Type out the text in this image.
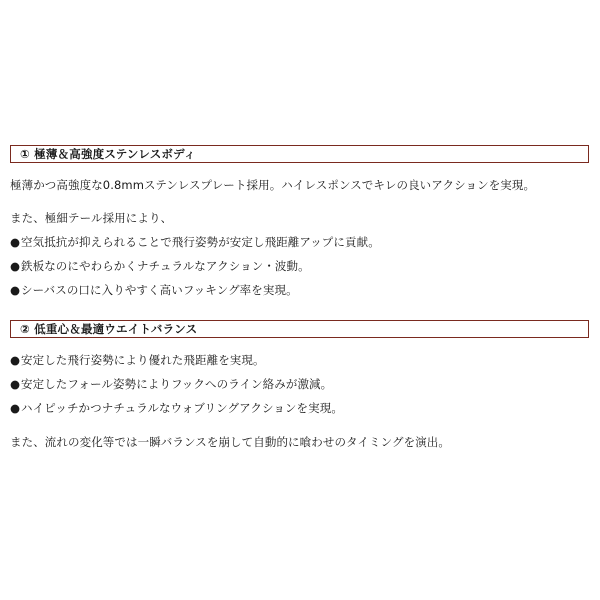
① 極薄＆高強度ステンレスボディ
極薄かつ高強度な0.8mmステンレスプレート採用。ハイレスポンスでキレの良いアクションを実現。
また、極細テール採用により、
●空気抵抗が抑えられることで飛行姿勢が安定し飛距離アップに貢献。
●鉄板なのにやわらかくナチュラルなアクション・波動。
●シーバスの口に入りやすく高いフッキング率を実現。
② 低重心＆最適ウエイトバランス
●安定した飛行姿勢により優れた飛距離を実現。
●安定したフォール姿勢によりフックへのライン絡みが激減。
●ハイピッチかつナチュラルなウォブリングアクションを実現。
また、流れの変化等では一瞬バランスを崩して自動的に喰わせのタイミングを演出。
